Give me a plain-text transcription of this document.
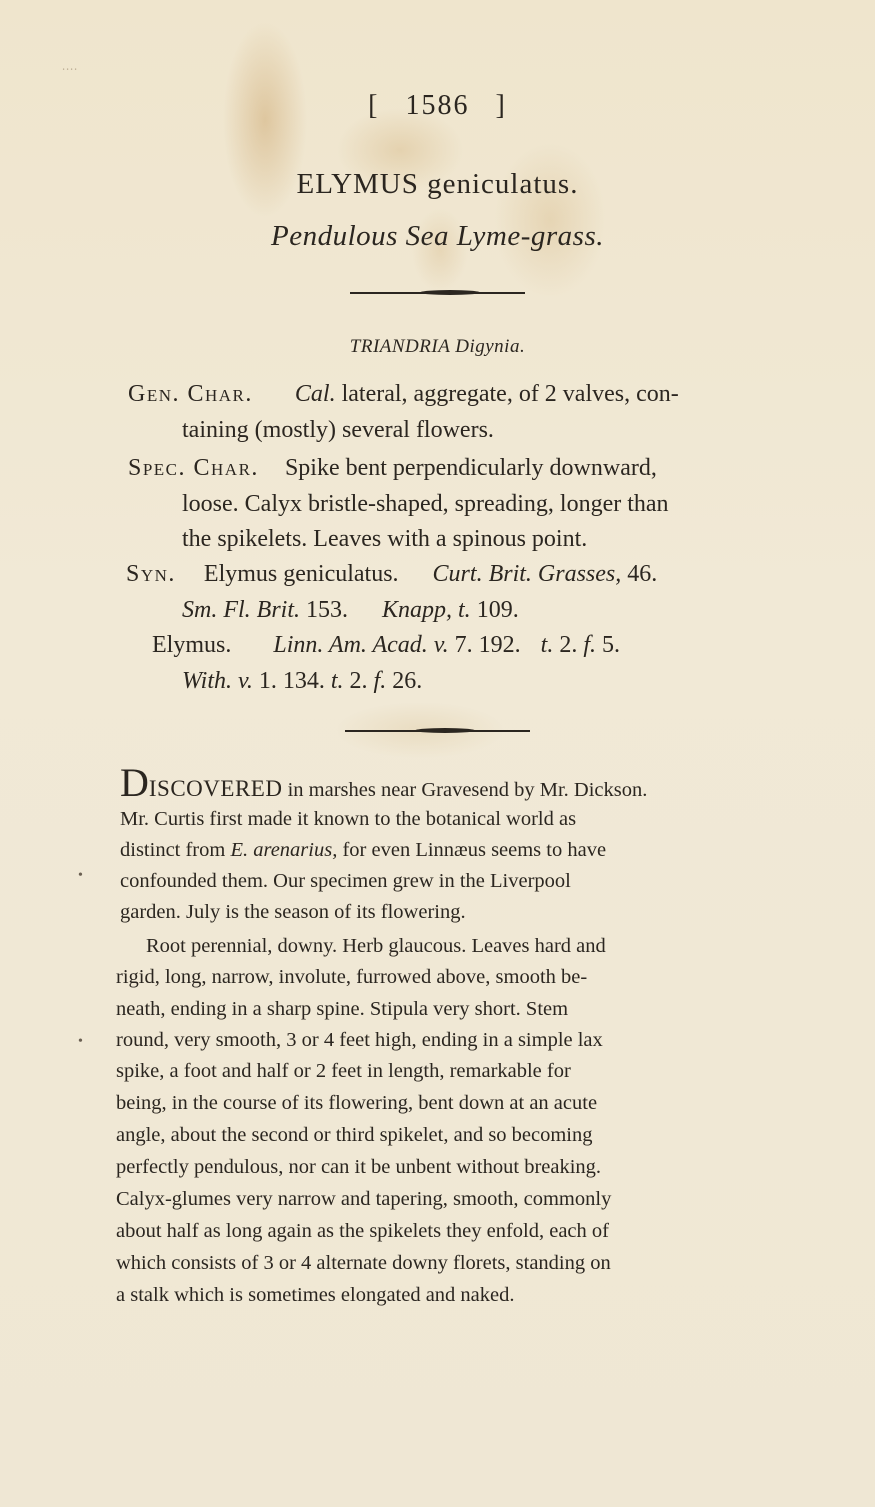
∙∙∙∙
[ 1586 ]
ELYMUS geniculatus.
Pendulous Sea Lyme-grass.
TRIANDRIA Digynia.
Gen. Char. Cal. lateral, aggregate, of 2 valves, con-
taining (mostly) several flowers.
Spec. Char. Spike bent perpendicularly downward,
loose. Calyx bristle-shaped, spreading, longer than
the spikelets. Leaves with a spinous point.
Syn. Elymus geniculatus. Curt. Brit. Grasses, 46.
Sm. Fl. Brit. 153. Knapp, t. 109.
Elymus. Linn. Am. Acad. v. 7. 192. t. 2. f. 5.
With. v. 1. 134. t. 2. f. 26.
DISCOVERED in marshes near Gravesend by Mr. Dickson.
Mr. Curtis first made it known to the botanical world as
distinct from E. arenarius, for even Linnæus seems to have
confounded them. Our specimen grew in the Liverpool
garden. July is the season of its flowering.
Root perennial, downy. Herb glaucous. Leaves hard and
rigid, long, narrow, involute, furrowed above, smooth be-
neath, ending in a sharp spine. Stipula very short. Stem
round, very smooth, 3 or 4 feet high, ending in a simple lax
spike, a foot and half or 2 feet in length, remarkable for
being, in the course of its flowering, bent down at an acute
angle, about the second or third spikelet, and so becoming
perfectly pendulous, nor can it be unbent without breaking.
Calyx-glumes very narrow and tapering, smooth, commonly
about half as long again as the spikelets they enfold, each of
which consists of 3 or 4 alternate downy florets, standing on
a stalk which is sometimes elongated and naked.
•
•
